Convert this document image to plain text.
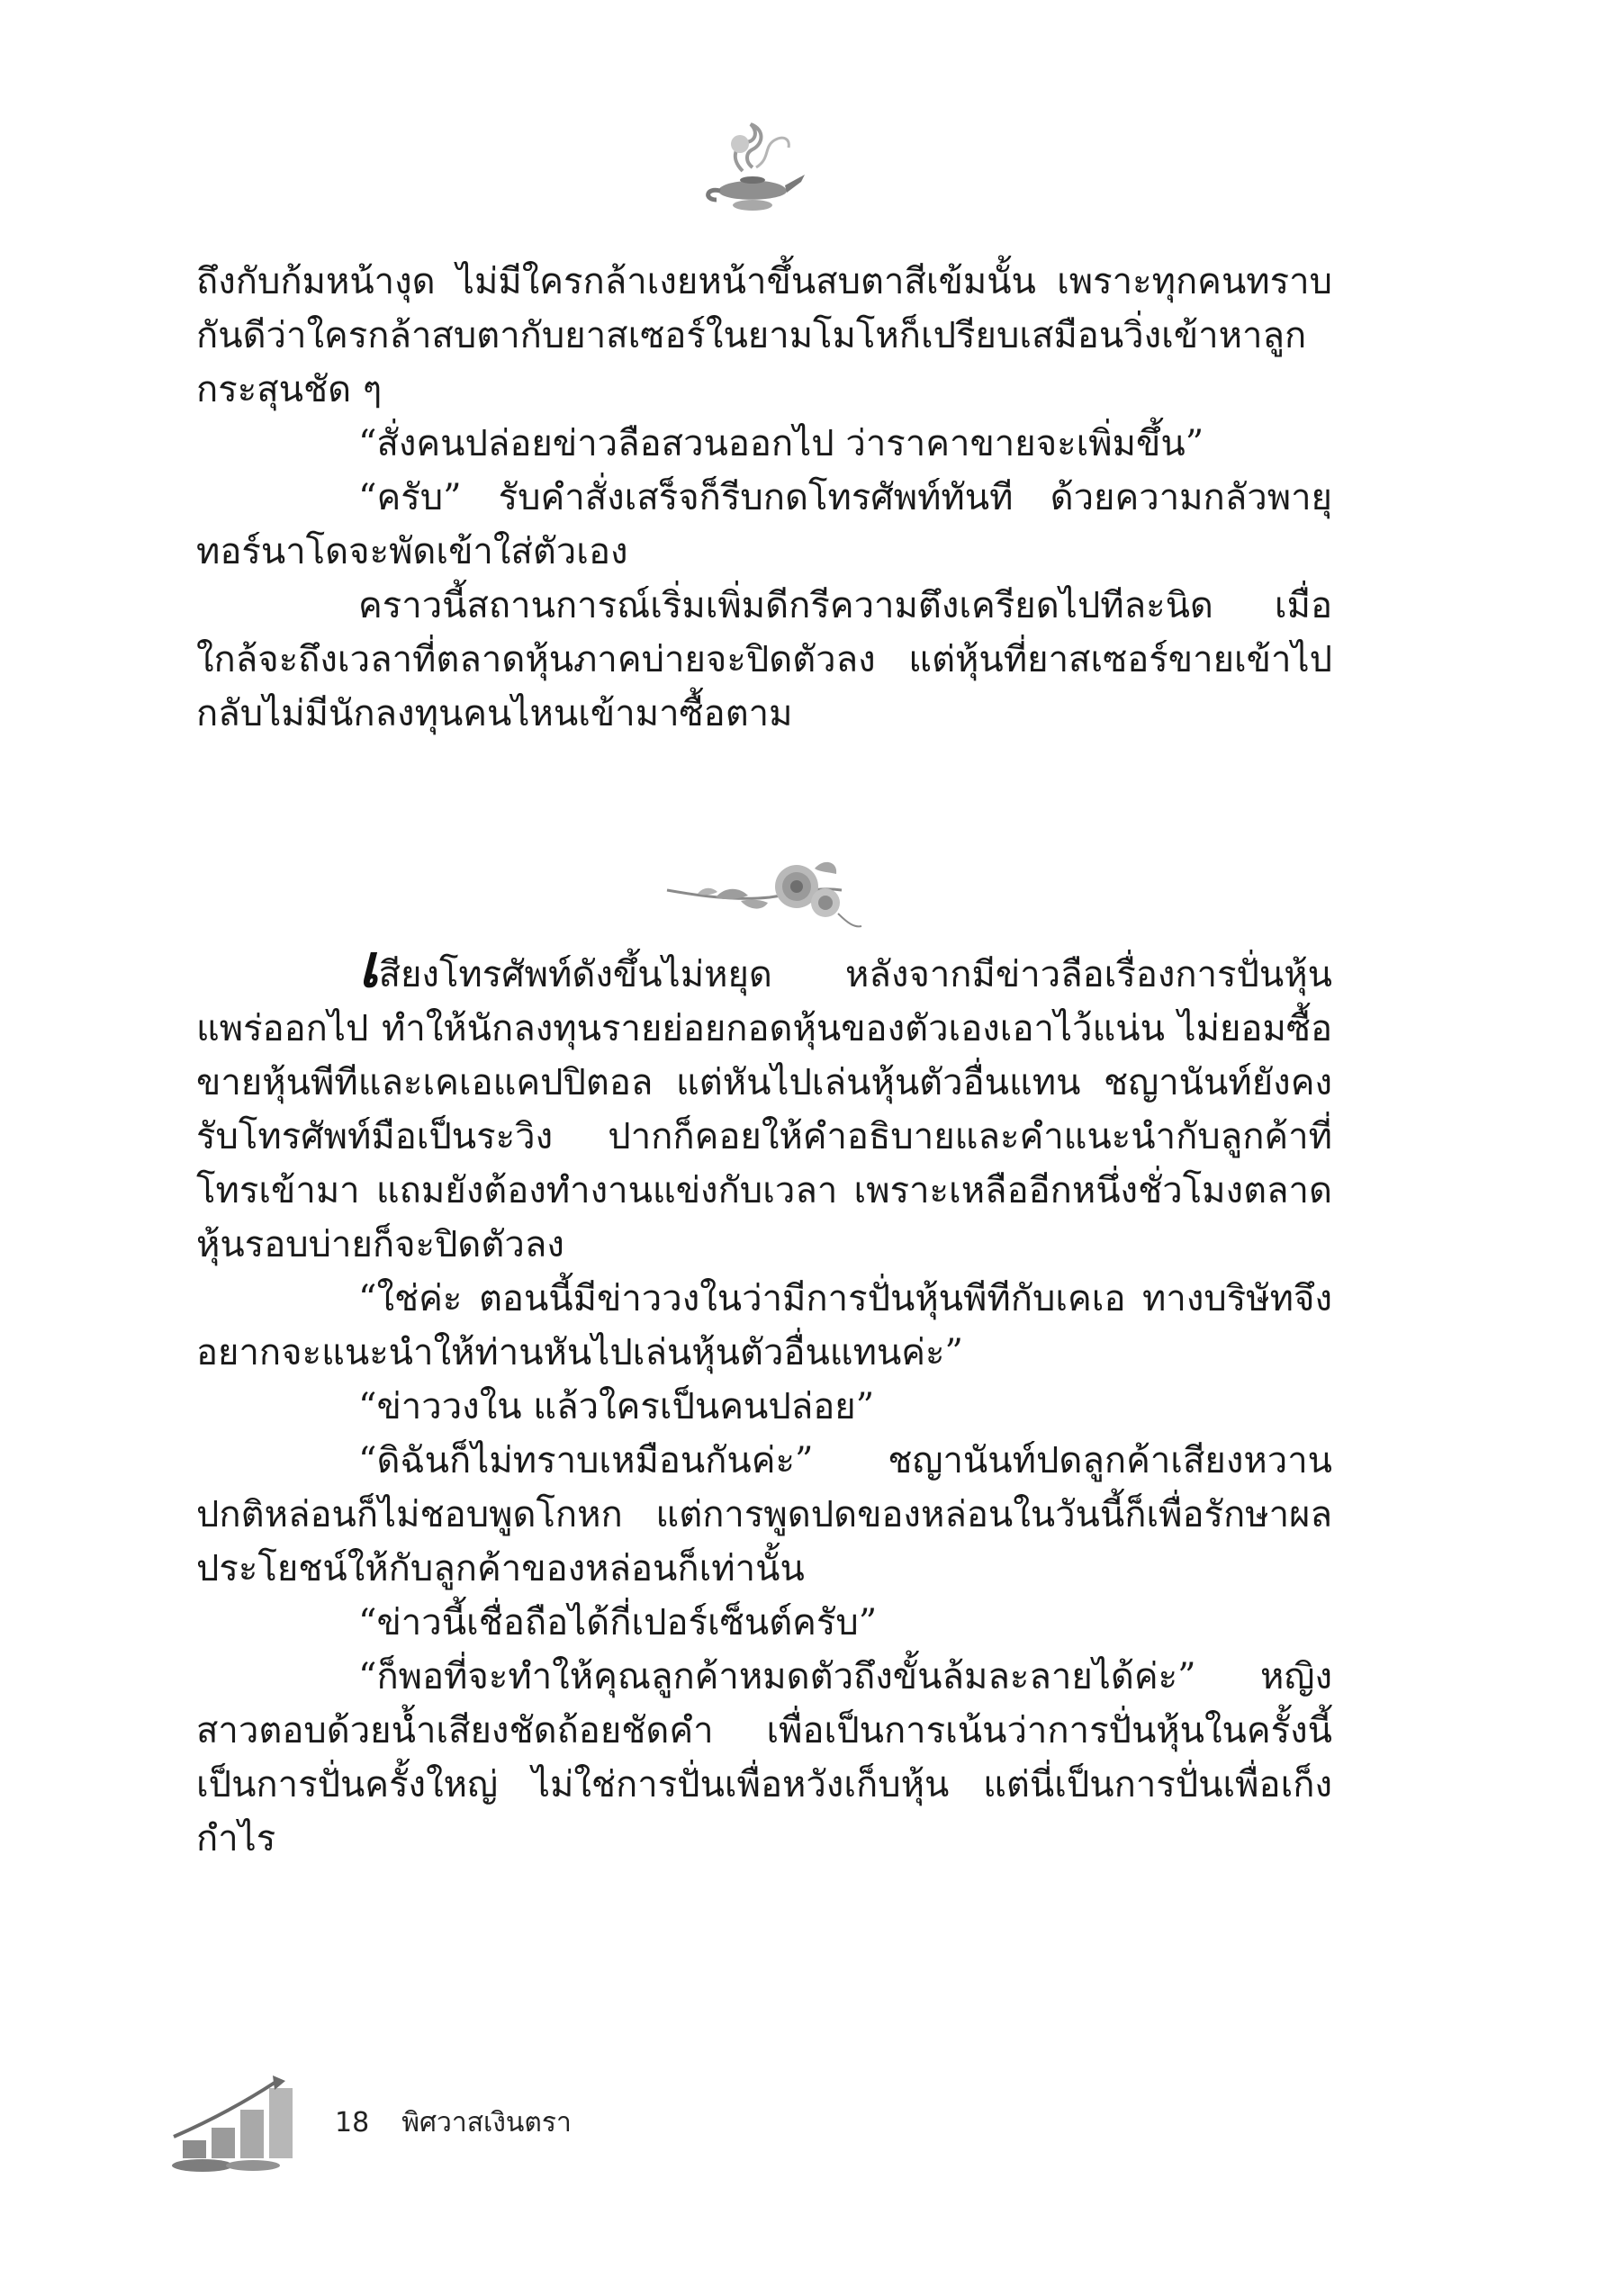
ถึงกับก้มหน้างุด ไม่มีใครกล้าเงยหน้าขึ้นสบตาสีเข้มนั้น เพราะทุกคนทราบกันดีว่าใครกล้าสบตากับยาสเซอร์ในยามโมโหก็เปรียบเสมือนวิ่งเข้าหาลูกกระสุนชัด ๆ

“สั่งคนปล่อยข่าวลือสวนออกไป ว่าราคาขายจะเพิ่มขึ้น”

“ครับ” รับคำสั่งเสร็จก็รีบกดโทรศัพท์ทันที ด้วยความกลัวพายุทอร์นาโดจะพัดเข้าใส่ตัวเอง

คราวนี้สถานการณ์เริ่มเพิ่มดีกรีความตึงเครียดไปทีละนิด เมื่อใกล้จะถึงเวลาที่ตลาดหุ้นภาคบ่ายจะปิดตัวลง แต่หุ้นที่ยาสเซอร์ขายเข้าไปกลับไม่มีนักลงทุนคนไหนเข้ามาซื้อตาม

เสียงโทรศัพท์ดังขึ้นไม่หยุด หลังจากมีข่าวลือเรื่องการปั่นหุ้นแพร่ออกไป ทำให้นักลงทุนรายย่อยกอดหุ้นของตัวเองเอาไว้แน่น ไม่ยอมซื้อขายหุ้นพีทีและเคเอแคปปิตอล แต่หันไปเล่นหุ้นตัวอื่นแทน ชญานันท์ยังคงรับโทรศัพท์มือเป็นระวิง ปากก็คอยให้คำอธิบายและคำแนะนำกับลูกค้าที่โทรเข้ามา แถมยังต้องทำงานแข่งกับเวลา เพราะเหลืออีกหนึ่งชั่วโมงตลาดหุ้นรอบบ่ายก็จะปิดตัวลง

“ใช่ค่ะ ตอนนี้มีข่าววงในว่ามีการปั่นหุ้นพีทีกับเคเอ ทางบริษัทจึงอยากจะแนะนำให้ท่านหันไปเล่นหุ้นตัวอื่นแทนค่ะ”

“ข่าววงใน แล้วใครเป็นคนปล่อย”

“ดิฉันก็ไม่ทราบเหมือนกันค่ะ” ชญานันท์ปดลูกค้าเสียงหวานปกติหล่อนก็ไม่ชอบพูดโกหก แต่การพูดปดของหล่อนในวันนี้ก็เพื่อรักษาผลประโยชน์ให้กับลูกค้าของหล่อนก็เท่านั้น

“ข่าวนี้เชื่อถือได้กี่เปอร์เซ็นต์ครับ”

“ก็พอที่จะทำให้คุณลูกค้าหมดตัวถึงขั้นล้มละลายได้ค่ะ” หญิงสาวตอบด้วยน้ำเสียงชัดถ้อยชัดคำ เพื่อเป็นการเน้นว่าการปั่นหุ้นในครั้งนี้เป็นการปั่นครั้งใหญ่ ไม่ใช่การปั่นเพื่อหวังเก็บหุ้น แต่นี่เป็นการปั่นเพื่อเก็งกำไร

18 พิศวาสเงินตรา
